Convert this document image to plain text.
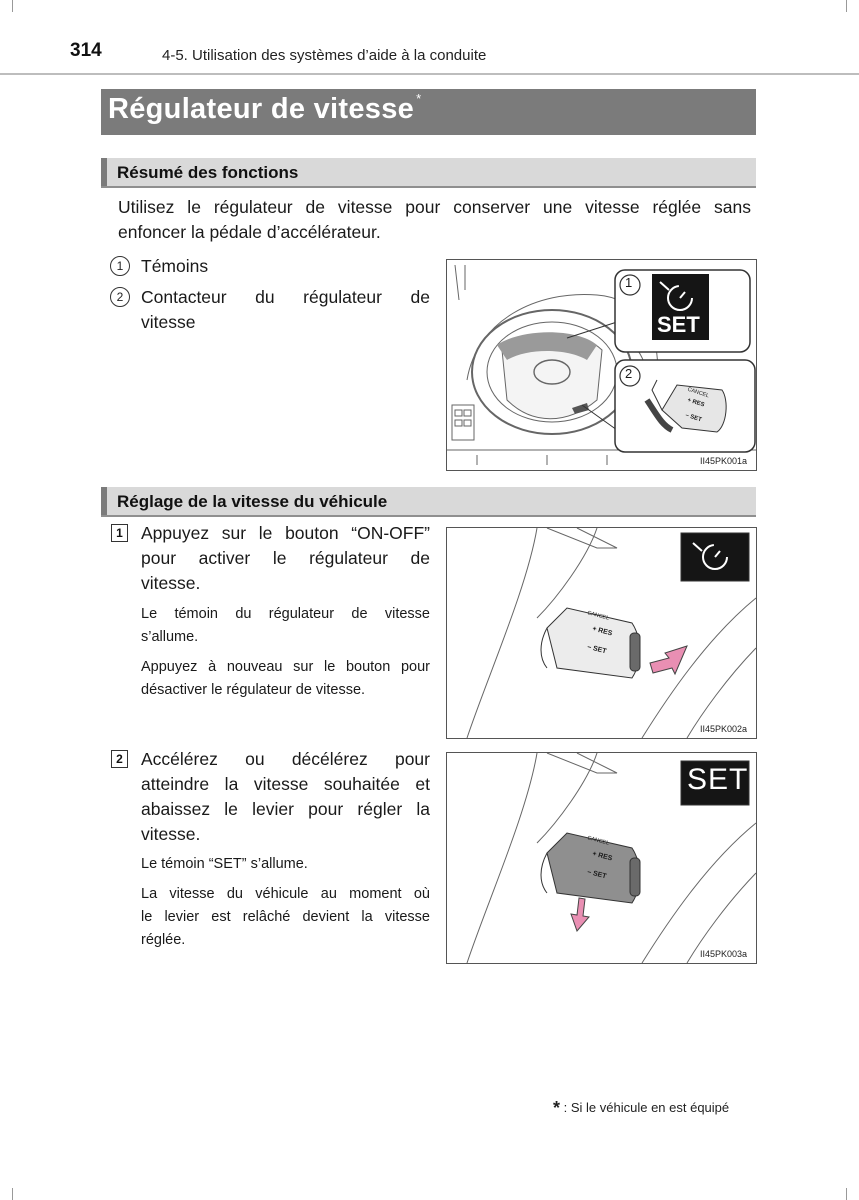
314	4-5. Utilisation des systèmes d’aide à la conduite
Régulateur de vitesse *
Résumé des fonctions
Utilisez le régulateur de vitesse pour conserver une vitesse réglée sans
enfoncer la pédale d’accélérateur.
1	Témoins
2	Contacteur du régulateur de
vitesse
1
2
SET
CANCEL
+ RES
– SET
II45PK001a
Réglage de la vitesse du véhicule
1 Appuyez sur le bouton “ON-OFF”
pour activer le régulateur de
vitesse.
Le témoin du régulateur de vitesse
s’allume.
Appuyez à nouveau sur le bouton pour
désactiver le régulateur de vitesse.
CANCEL
+ RES
– SET
II45PK002a
2 Accélérez ou décélérez pour
atteindre la vitesse souhaitée et
abaissez le levier pour régler la
vitesse.
Le témoin “SET” s’allume.
La vitesse du véhicule au moment où
le levier est relâché devient la vitesse
réglée.
SET
CANCEL
+ RES
– SET
II45PK003a
* : Si le véhicule en est équipé
